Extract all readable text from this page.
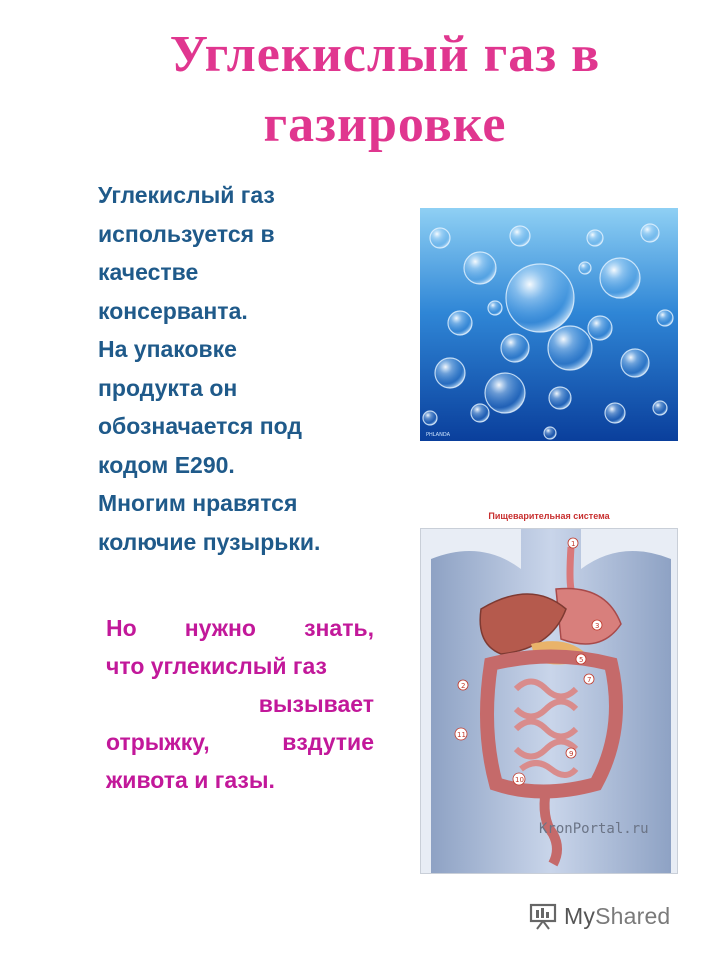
Углекислый газ в
газировке
Углекислый газ
используется в
качестве
консерванта.
На упаковке
продукта он
обозначается под
кодом Е290.
Многим нравятся
колючие пузырьки.
Но нужно знать,
что углекислый газ
вызывает
отрыжку,	вздутие
живота и газы.
PHLANDA
Пищеварительная система
1
2
3
5
7
9
10
11
KronPortal.ru
MyShared
